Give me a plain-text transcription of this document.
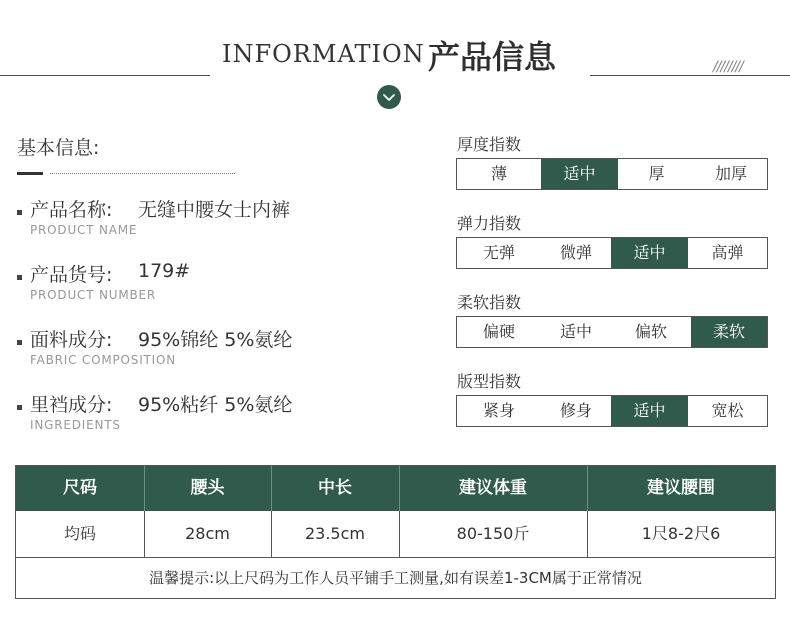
INFORMATION 产品信息	////////
基本信息:
产品名称: 无缝中腰女士内裤
PRODUCT NAME
产品货号: 179#
PRODUCT NUMBER
面料成分: 95%锦纶 5%氨纶
FABRIC COMPOSITION
里裆成分: 95%粘纤 5%氨纶
INGREDIENTS
厚度指数
薄	适中	厚	加厚
弹力指数
无弹	微弹	适中	高弹
柔软指数
偏硬	适中	偏软	柔软
版型指数
紧身	修身	适中	宽松
尺码	腰头	中长	建议体重	建议腰围
均码	28cm	23.5cm	80-150斤	1尺8-2尺6
温馨提示:以上尺码为工作人员平铺手工测量,如有误差1-3CM属于正常情况
